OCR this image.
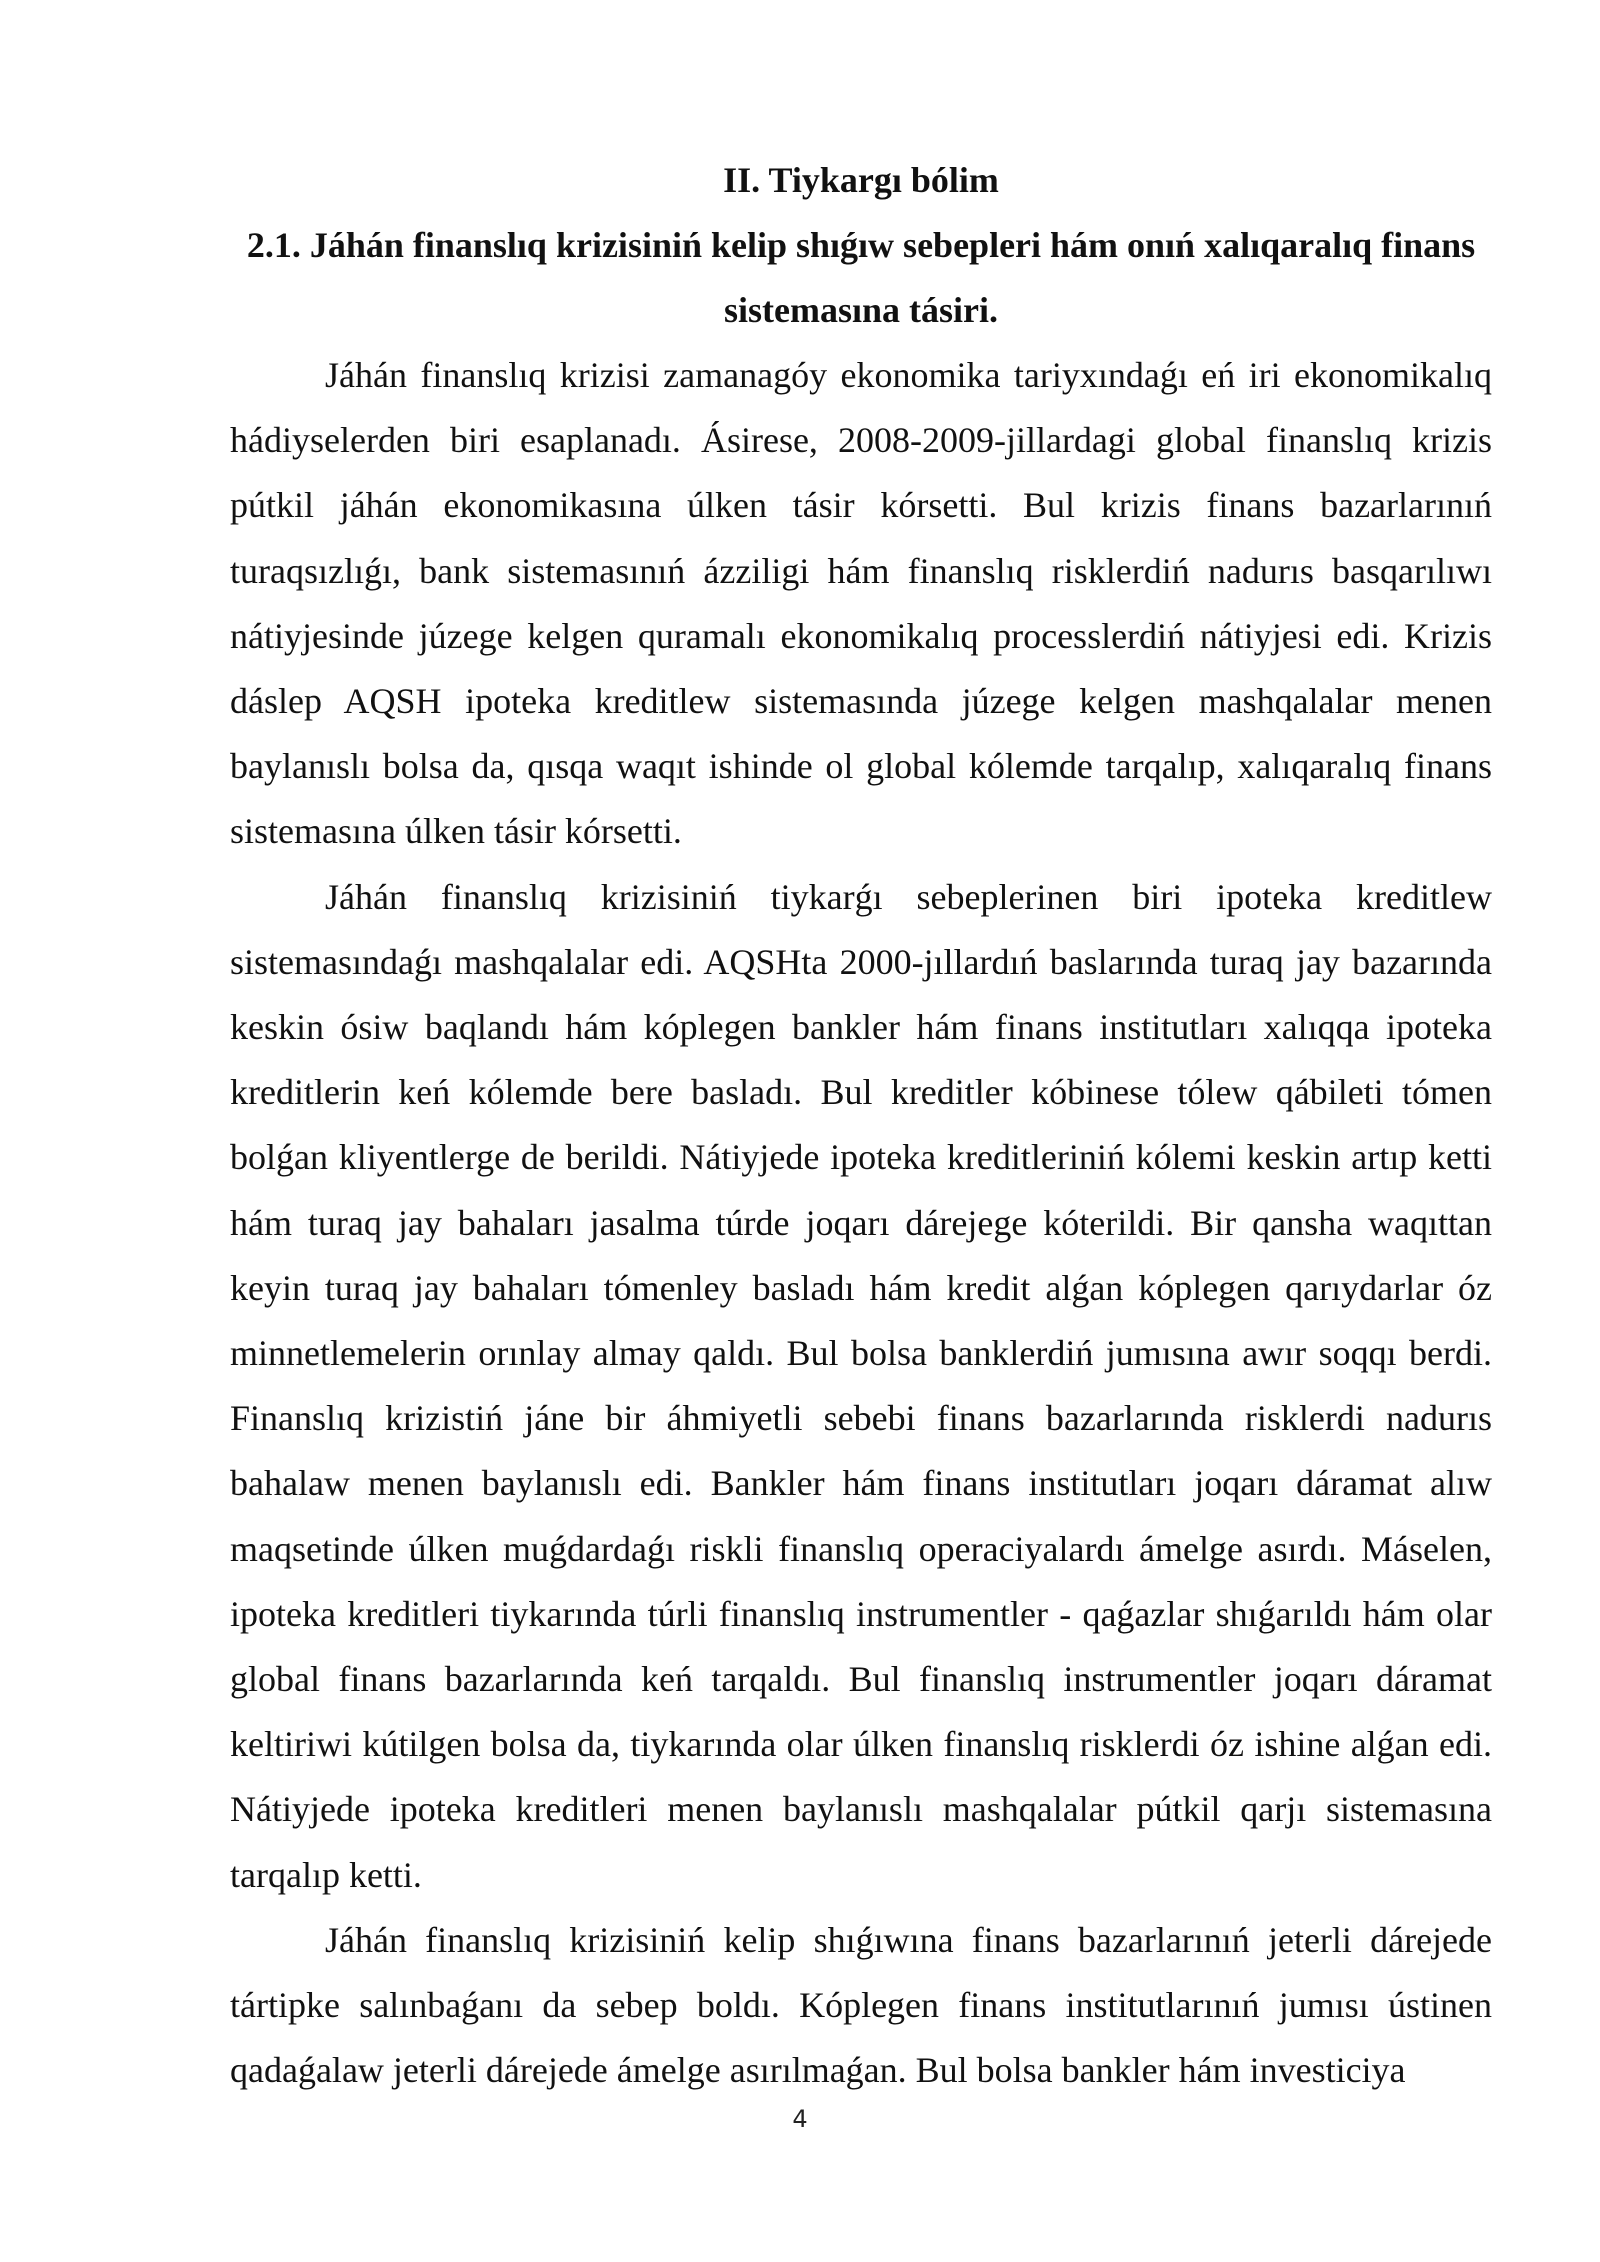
II. Tiykargı bólim

2.1. Jáhán finanslıq krizisiniń kelip shıǵıw sebepleri hám onıń xalıqaralıq finans sistemasına tásiri.

Jáhán finanslıq krizisi zamanagóy ekonomika tariyxındaǵı eń iri ekonomikalıq hádiyselerden biri esaplanadı. Ásirese, 2008-2009-jillardagi global finanslıq krizis pútkil jáhán ekonomikasına úlken tásir kórsetti. Bul krizis finans bazarlarınıń turaqsızlıǵı, bank sistemasınıń ázziligi hám finanslıq risklerdiń nadurıs basqarılıwı nátiyjesinde júzege kelgen quramalı ekonomikalıq processlerdiń nátiyjesi edi. Krizis dáslep AQSH ipoteka kreditlew sistemasında júzege kelgen mashqalalar menen baylanıslı bolsa da, qısqa waqıt ishinde ol global kólemde tarqalıp, xalıqaralıq finans sistemasına úlken tásir kórsetti.

Jáhán finanslıq krizisiniń tiykarǵı sebeplerinen biri ipoteka kreditlew sistemasındaǵı mashqalalar edi. AQSHta 2000-jıllardıń baslarında turaq jay bazarında keskin ósiw baqlandı hám kóplegen bankler hám finans institutları xalıqqa ipoteka kreditlerin keń kólemde bere basladı. Bul kreditler kóbinese tólew qábileti tómen bolǵan kliyentlerge de berildi. Nátiyjede ipoteka kreditleriniń kólemi keskin artıp ketti hám turaq jay bahaları jasalma túrde joqarı dárejege kóterildi. Bir qansha waqıttan keyin turaq jay bahaları tómenley basladı hám kredit alǵan kóplegen qarıydarlar óz minnetlemelerin orınlay almay qaldı. Bul bolsa banklerdiń jumısına awır soqqı berdi. Finanslıq krizistiń jáne bir áhmiyetli sebebi finans bazarlarında risklerdi nadurıs bahalaw menen baylanıslı edi. Bankler hám finans institutları joqarı dáramat alıw maqsetinde úlken muǵdardaǵı riskli finanslıq operaciyalardı ámelge asırdı. Máselen, ipoteka kreditleri tiykarında túrli finanslıq instrumentler - qaǵazlar shıǵarıldı hám olar global finans bazarlarında keń tarqaldı. Bul finanslıq instrumentler joqarı dáramat keltiriwi kútilgen bolsa da, tiykarında olar úlken finanslıq risklerdi óz ishine alǵan edi. Nátiyjede ipoteka kreditleri menen baylanıslı mashqalalar pútkil qarjı sistemasına tarqalıp ketti.

Jáhán finanslıq krizisiniń kelip shıǵıwına finans bazarlarınıń jeterli dárejede tártipke salınbaǵanı da sebep boldı. Kóplegen finans institutlarınıń jumısı ústinen qadaǵalaw jeterli dárejede ámelge asırılmaǵan. Bul bolsa bankler hám investiciya

4
